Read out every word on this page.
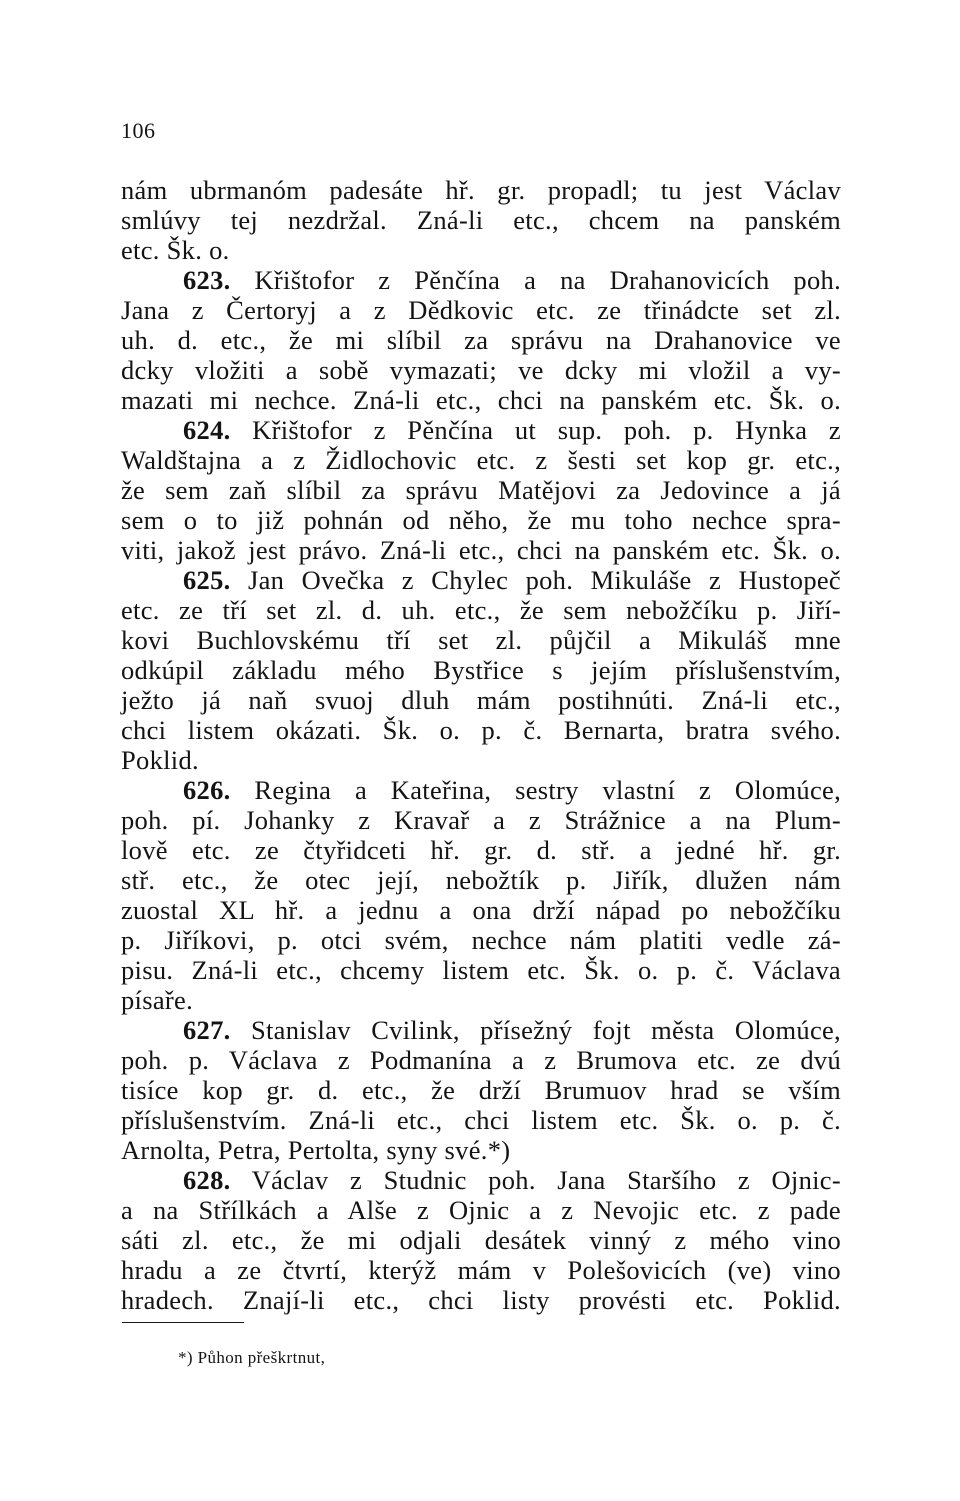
106
nám ubrmanóm padesáte hř. gr. propadl; tu jest Václav
smlúvy tej nezdržal. Zná-li etc., chcem na panském
etc. Šk. o.
623. Křištofor z Pěnčína a na Drahanovicích poh.
Jana z Čertoryj a z Dědkovic etc. ze třinádcte set zl.
uh. d. etc., že mi slíbil za správu na Drahanovice ve
dcky vložiti a sobě vymazati; ve dcky mi vložil a vy-
mazati mi nechce. Zná-li etc., chci na panském etc. Šk. o.
624. Křištofor z Pěnčína ut sup. poh. p. Hynka z
Waldštajna a z Židlochovic etc. z šesti set kop gr. etc.,
že sem zaň slíbil za správu Matějovi za Jedovince a já
sem o to již pohnán od něho, že mu toho nechce spra-
viti, jakož jest právo. Zná-li etc., chci na panském etc. Šk. o.
625. Jan Ovečka z Chylec poh. Mikuláše z Hustopeč
etc. ze tří set zl. d. uh. etc., že sem nebožčíku p. Jiří-
kovi Buchlovskému tří set zl. půjčil a Mikuláš mne
odkúpil základu mého Bystřice s jejím příslušenstvím,
ježto já naň svuoj dluh mám postihnúti. Zná-li etc.,
chci listem okázati. Šk. o. p. č. Bernarta, bratra svého.
Poklid.
626. Regina a Kateřina, sestry vlastní z Olomúce,
poh. pí. Johanky z Kravař a z Strážnice a na Plum-
lově etc. ze čtyřidceti hř. gr. d. stř. a jedné hř. gr.
stř. etc., že otec její, nebožtík p. Jiřík, dlužen nám
zuostal XL hř. a jednu a ona drží nápad po nebožčíku
p. Jiříkovi, p. otci svém, nechce nám platiti vedle zá-
pisu. Zná-li etc., chcemy listem etc. Šk. o. p. č. Václava
písaře.
627. Stanislav Cvilink, přísežný fojt města Olomúce,
poh. p. Václava z Podmanína a z Brumova etc. ze dvú
tisíce kop gr. d. etc., že drží Brumuov hrad se vším
příslušenstvím. Zná-li etc., chci listem etc. Šk. o. p. č.
Arnolta, Petra, Pertolta, syny své.*)
628. Václav z Studnic poh. Jana Staršího z Ojnic-
a na Střílkách a Alše z Ojnic a z Nevojic etc. z pade
sáti zl. etc., že mi odjali desátek vinný z mého vino
hradu a ze čtvrtí, kterýž mám v Polešovicích (ve) vino
hradech. Znají-li etc., chci listy provésti etc. Poklid.
*) Půhon přeškrtnut,
